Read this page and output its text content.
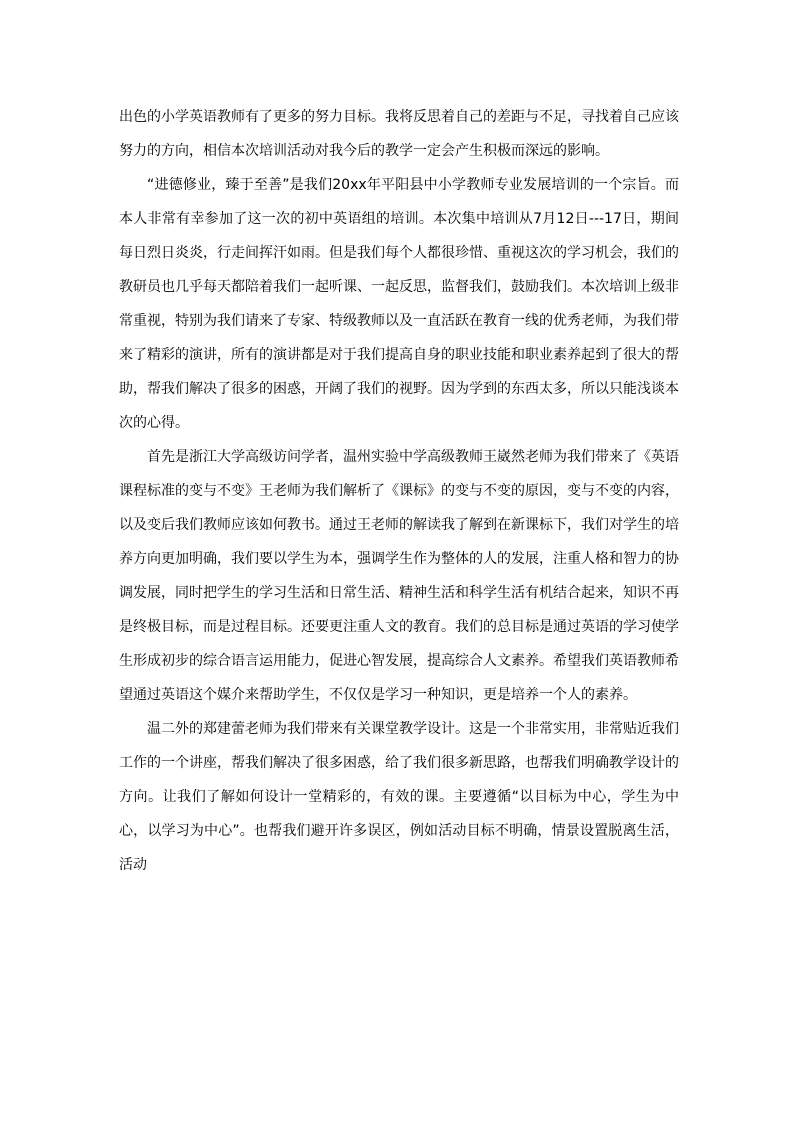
出色的小学英语教师有了更多的努力目标。我将反思着自己的差距与不足，寻找着自己应该努力的方向，相信本次培训活动对我今后的教学一定会产生积极而深远的影响。

“进德修业，臻于至善”是我们20xx年平阳县中小学教师专业发展培训的一个宗旨。而本人非常有幸参加了这一次的初中英语组的培训。本次集中培训从7月12日---17日，期间每日烈日炎炎，行走间挥汗如雨。但是我们每个人都很珍惜、重视这次的学习机会，我们的教研员也几乎每天都陪着我们一起听课、一起反思，监督我们，鼓励我们。本次培训上级非常重视，特别为我们请来了专家、特级教师以及一直活跃在教育一线的优秀老师，为我们带来了精彩的演讲，所有的演讲都是对于我们提高自身的职业技能和职业素养起到了很大的帮助，帮我们解决了很多的困惑，开阔了我们的视野。因为学到的东西太多，所以只能浅谈本次的心得。

首先是浙江大学高级访问学者，温州实验中学高级教师王崴然老师为我们带来了《英语课程标准的变与不变》王老师为我们解析了《课标》的变与不变的原因，变与不变的内容，以及变后我们教师应该如何教书。通过王老师的解读我了解到在新课标下，我们对学生的培养方向更加明确，我们要以学生为本，强调学生作为整体的人的发展，注重人格和智力的协调发展，同时把学生的学习生活和日常生活、精神生活和科学生活有机结合起来，知识不再是终极目标，而是过程目标。还要更注重人文的教育。我们的总目标是通过英语的学习使学生形成初步的综合语言运用能力，促进心智发展，提高综合人文素养。希望我们英语教师希望通过英语这个媒介来帮助学生，不仅仅是学习一种知识，更是培养一个人的素养。

温二外的郑建蕾老师为我们带来有关课堂教学设计。这是一个非常实用，非常贴近我们工作的一个讲座，帮我们解决了很多困惑，给了我们很多新思路，也帮我们明确教学设计的方向。让我们了解如何设计一堂精彩的，有效的课。主要遵循“以目标为中心，学生为中心，以学习为中心”。也帮我们避开许多误区，例如活动目标不明确，情景设置脱离生活，活动
